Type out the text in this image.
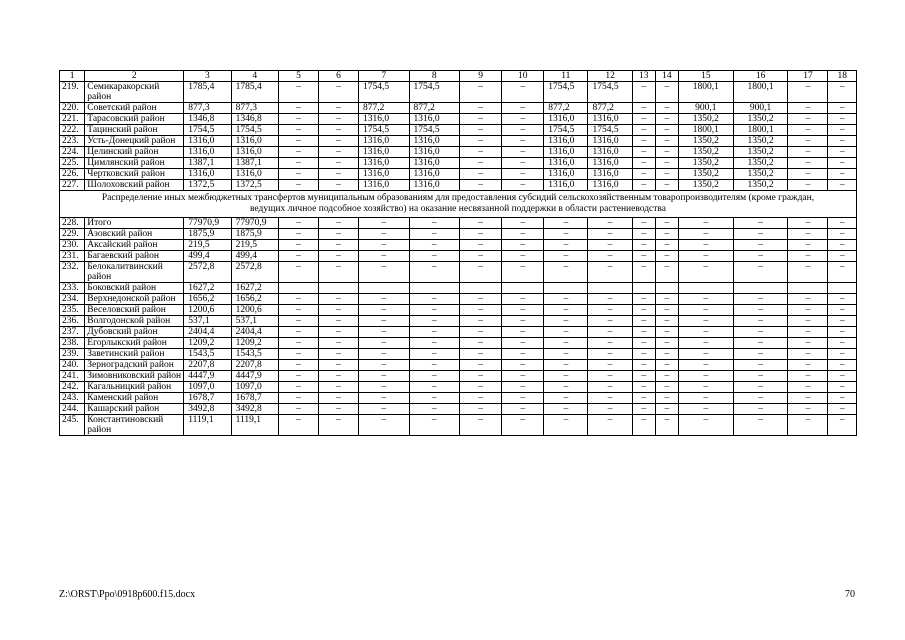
1	2	3	4	5	6	7	8	9	10	11	12	13	14	15	16	17	18
219.	Семикаракорский район	1785,4	1785,4	–	–	1754,5	1754,5	–	–	1754,5	1754,5	–	–	1800,1	1800,1	–	–
220.	Советский район	877,3	877,3	–	–	877,2	877,2	–	–	877,2	877,2	–	–	900,1	900,1	–	–
221.	Тарасовский район	1346,8	1346,8	–	–	1316,0	1316,0	–	–	1316,0	1316,0	–	–	1350,2	1350,2	–	–
222.	Тацинский район	1754,5	1754,5	–	–	1754,5	1754,5	–	–	1754,5	1754,5	–	–	1800,1	1800,1	–	–
223.	Усть-Донецкий район	1316,0	1316,0	–	–	1316,0	1316,0	–	–	1316,0	1316,0	–	–	1350,2	1350,2	–	–
224.	Целинский район	1316,0	1316,0	–	–	1316,0	1316,0	–	–	1316,0	1316,0	–	–	1350,2	1350,2	–	–
225.	Цимлянский район	1387,1	1387,1	–	–	1316,0	1316,0	–	–	1316,0	1316,0	–	–	1350,2	1350,2	–	–
226.	Чертковский район	1316,0	1316,0	–	–	1316,0	1316,0	–	–	1316,0	1316,0	–	–	1350,2	1350,2	–	–
227.	Шолоховский район	1372,5	1372,5	–	–	1316,0	1316,0	–	–	1316,0	1316,0	–	–	1350,2	1350,2	–	–
Распределение иных межбюджетных трансфертов муниципальным образованиям для предоставления субсидий сельскохозяйственным товаропроизводителям (кроме граждан, ведущих личное подсобное хозяйство) на оказание несвязанной поддержки в области растениеводства																	
228.	Итого	77970,9	77970,9	–	–	–	–	–	–	–	–	–	–	–	–	–	–
229.	Азовский район	1875,9	1875,9	–	–	–	–	–	–	–	–	–	–	–	–	–	–
230.	Аксайский район	219,5	219,5	–	–	–	–	–	–	–	–	–	–	–	–	–	–
231.	Багаевский район	499,4	499,4	–	–	–	–	–	–	–	–	–	–	–	–	–	–
232.	Белокалитвинский район	2572,8	2572,8	–	–	–	–	–	–	–	–	–	–	–	–	–	–
233.	Боковский район	1627,2	1627,2														
234.	Верхнедонской район	1656,2	1656,2	–	–	–	–	–	–	–	–	–	–	–	–	–	–
235.	Веселовский район	1200,6	1200,6	–	–	–	–	–	–	–	–	–	–	–	–	–	–
236.	Волгодонской район	537,1	537,1	–	–	–	–	–	–	–	–	–	–	–	–	–	–
237.	Дубовский район	2404,4	2404,4	–	–	–	–	–	–	–	–	–	–	–	–	–	–
238.	Егорлыкский район	1209,2	1209,2	–	–	–	–	–	–	–	–	–	–	–	–	–	–
239.	Заветинский район	1543,5	1543,5	–	–	–	–	–	–	–	–	–	–	–	–	–	–
240.	Зерноградский район	2207,8	2207,8	–	–	–	–	–	–	–	–	–	–	–	–	–	–
241.	Зимовниковский район	4447,9	4447,9	–	–	–	–	–	–	–	–	–	–	–	–	–	–
242.	Кагальницкий район	1097,0	1097,0	–	–	–	–	–	–	–	–	–	–	–	–	–	–
243.	Каменский район	1678,7	1678,7	–	–	–	–	–	–	–	–	–	–	–	–	–	–
244.	Кашарский район	3492,8	3492,8	–	–	–	–	–	–	–	–	–	–	–	–	–	–
245.	Константиновский район	1119,1	1119,1	–	–	–	–	–	–	–	–	–	–	–	–	–	–
Z:\ORST\Ppo\0918p600.f15.docx	70
